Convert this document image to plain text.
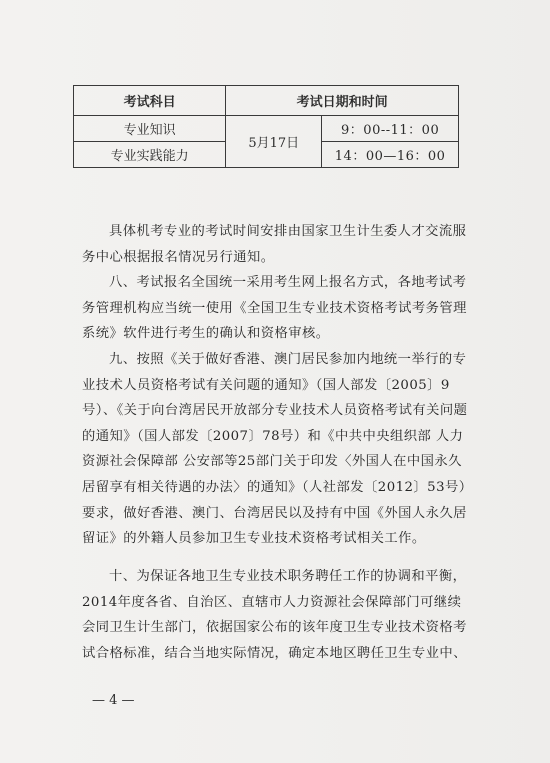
考试科目	考试日期和时间	
专业知识	5月17日	9：00--11：00
专业实践能力		14：00—16：00

具体机考专业的考试时间安排由国家卫生计生委人才交流服
务中心根据报名情况另行通知。

八、考试报名全国统一采用考生网上报名方式，各地考试考
务管理机构应当统一使用《全国卫生专业技术资格考试考务管理
系统》软件进行考生的确认和资格审核。

九、按照《关于做好香港、澳门居民参加内地统一举行的专
业技术人员资格考试有关问题的通知》（国人部发〔2005〕9
号）、《关于向台湾居民开放部分专业技术人员资格考试有关问题
的通知》（国人部发〔2007〕78号）和《中共中央组织部 人力
资源社会保障部 公安部等25部门关于印发〈外国人在中国永久
居留享有相关待遇的办法〉的通知》（人社部发〔2012〕53号）
要求，做好香港、澳门、台湾居民以及持有中国《外国人永久居
留证》的外籍人员参加卫生专业技术资格考试相关工作。

十、为保证各地卫生专业技术职务聘任工作的协调和平衡，
2014年度各省、自治区、直辖市人力资源社会保障部门可继续
会同卫生计生部门，依据国家公布的该年度卫生专业技术资格考
试合格标准，结合当地实际情况，确定本地区聘任卫生专业中、

— 4 —
